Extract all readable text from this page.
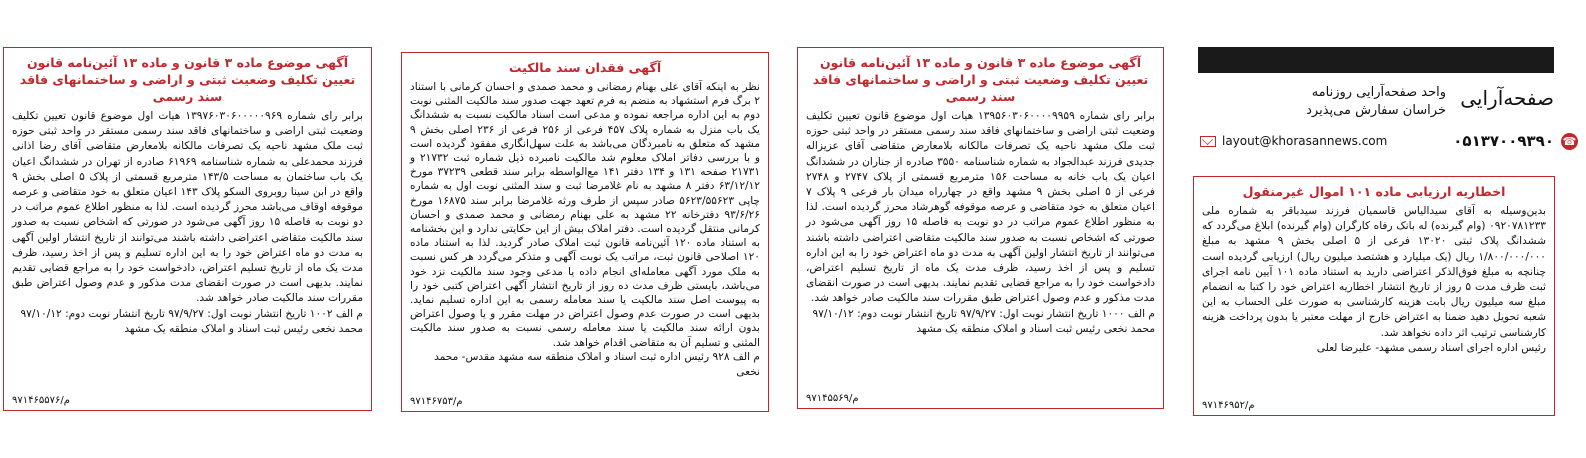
صفحه‌آرایی
واحد صفحه‌آرایی روزنامه خراسان سفارش می‌پذیرد
۰۵۱۳۷۰۰۹۳۹۰ ☎
layout@khorasannews.com
اخطاریه ارزیابی ماده ۱۰۱ اموال غیرمنقول
بدین‌وسیله به آقای سیدالیاس قاسمیان فرزند سیدباقر به شماره ملی ۰۹۲۰۷۸۱۲۳۳ (وام گیرنده) له بانک رفاه کارگران (وام گیرنده) ابلاغ می‌گردد که ششدانگ پلاک ثبتی ۱۳۰۲۰ فرعی از ۵ اصلی بخش ۹ مشهد به مبلغ ۱/۸۰۰/۰۰۰/۰۰۰ ریال (یک میلیارد و هشتصد میلیون ریال) ارزیابی گردیده است چنانچه به مبلغ فوق‌الذکر اعتراضی دارید به استناد ماده ۱۰۱ آیین نامه اجرای ثبت ظرف مدت ۵ روز از تاریخ انتشار اخطاریه اعتراض خود را کتبا به انضمام مبلغ سه میلیون ریال بابت هزینه کارشناسی به صورت علی الحساب به این شعبه تحویل دهید ضمنا به اعتراض خارج از مهلت معتبر یا بدون پرداخت هزینه کارشناسی ترتیب اثر داده نخواهد شد.
رئیس اداره اجرای اسناد رسمی مشهد- علیرضا لعلی
م/۹۷۱۴۶۹۵۲
آگهی موضوع ماده ۳ قانون و ماده ۱۳ آئین‌نامه قانون تعیین تکلیف وضعیت ثبتی و اراضی و ساختمانهای فاقد سند رسمی
برابر رای شماره ۱۳۹۵۶۰۳۰۶۰۰۰۰۹۹۵۹ هیات اول موضوع قانون تعیین تکلیف وضعیت ثبتی اراضی و ساختمانهای فاقد سند رسمی مستقر در واحد ثبتی حوزه ثبت ملک مشهد ناحیه یک تصرفات مالکانه بلامعارض متقاضی آقای عزیزاله جدیدی فرزند عبدالجواد به شماره شناسنامه ۳۵۵۰ صادره از جناران در ششدانگ اعیان یک باب خانه به مساحت ۱۵۶ مترمربع قسمتی از پلاک ۲۷۴۷ و ۲۷۴۸ فرعی از ۵ اصلی بخش ۹ مشهد واقع در چهارراه میدان بار فرعی ۹ پلاک ۷ اعیان متعلق به خود متقاضی و عرصه موقوفه گوهرشاد محرز گردیده است. لذا به منظور اطلاع عموم مراتب در دو نوبت به فاصله ۱۵ روز آگهی می‌شود در صورتی که اشخاص نسبت به صدور سند مالکیت متقاضی اعتراضی داشته باشند می‌توانند از تاریخ انتشار اولین آگهی به مدت دو ماه اعتراض خود را به این اداره تسلیم و پس از اخذ رسید، ظرف مدت یک ماه از تاریخ تسلیم اعتراض، دادخواست خود را به مراجع قضایی تقدیم نمایند. بدیهی است در صورت انقضای مدت مذکور و عدم وصول اعتراض طبق مقررات سند مالکیت صادر خواهد شد.
م الف ۱۰۰۰ تاریخ انتشار نوبت اول: ۹۷/۹/۲۷ تاریخ انتشار نوبت دوم: ۹۷/۱۰/۱۲
محمد نخعی رئیس ثبت اسناد و املاک منطقه یک مشهد
م/۹۷۱۴۵۵۶۹
آگهی فقدان سند مالکیت
نظر به اینکه آقای علی بهنام رمضانی و محمد صمدی و احسان کرمانی با استناد ۲ برگ فرم استشهاد به منضم به فرم تعهد جهت صدور سند مالکیت المثنی نوبت دوم به این اداره مراجعه نموده و مدعی است اسناد مالکیت نسبت به ششدانگ یک باب منزل به شماره پلاک ۴۵۷ فرعی از ۲۵۶ فرعی از ۲۳۶ اصلی بخش ۹ مشهد که متعلق به نامبردگان می‌باشد به علت سهل‌انگاری مفقود گردیده است و با بررسی دفاتر املاک معلوم شد مالکیت نامبرده ذیل شماره ثبت ۲۱۷۳۲ و ۲۱۷۳۱ صفحه ۱۳۱ و ۱۳۴ دفتر ۱۴۱ مع‌الواسطه برابر سند قطعی ۳۷۲۳۹ مورخ ۶۳/۱۲/۱۲ دفتر ۸ مشهد به نام غلامرضا ثبت و سند المثنی نوبت اول به شماره چاپی ۵۶۲۳/۵۵۶۲۳ صادر سپس از طرف ورثه غلامرضا برابر سند ۱۶۸۷۵ مورخ ۹۳/۶/۲۶ دفترخانه ۲۲ مشهد به علی بهنام رمضانی و محمد صمدی و احسان کرمانی منتقل گردیده است. دفتر املاک بیش از این حکایتی ندارد و این بخشنامه به استناد ماده ۱۲۰ آئین‌نامه قانون ثبت املاک صادر گردید. لذا به استناد ماده ۱۲۰ اصلاحی قانون ثبت، مراتب یک نوبت آگهی و متذکر می‌گردد هر کس نسبت به ملک مورد آگهی معامله‌ای انجام داده یا مدعی وجود سند مالکیت نزد خود می‌باشد، بایستی ظرف مدت ده روز از تاریخ انتشار آگهی اعتراض کتبی خود را به پیوست اصل سند مالکیت یا سند معامله رسمی به این اداره تسلیم نماید. بدیهی است در صورت عدم وصول اعتراض در مهلت مقرر و یا وصول اعتراض بدون ارائه سند مالکیت یا سند معامله رسمی نسبت به صدور سند مالکیت المثنی و تسلیم آن به متقاضی اقدام خواهد شد.
م الف ۹۲۸ رئیس اداره ثبت اسناد و املاک منطقه سه مشهد مقدس- محمد نخعی
م/۹۷۱۴۶۷۵۳
آگهی موضوع ماده ۳ قانون و ماده ۱۳ آئین‌نامه قانون تعیین تکلیف وضعیت ثبتی و اراضی و ساختمانهای فاقد سند رسمی
برابر رای شماره ۱۳۹۷۶۰۳۰۶۰۰۰۰۰۹۶۹ هیات اول موضوع قانون تعیین تکلیف وضعیت ثبتی اراضی و ساختمانهای فاقد سند رسمی مستقر در واحد ثبتی حوزه ثبت ملک مشهد ناحیه یک تصرفات مالکانه بلامعارض متقاضی آقای رضا اذانی فرزند محمدعلی به شماره شناسنامه ۶۱۹۶۹ صادره از تهران در ششدانگ اعیان یک باب ساختمان به مساحت ۱۴۳/۵ مترمربع قسمتی از پلاک ۵ اصلی بخش ۹ واقع در ابن سینا روبروی السکو پلاک ۱۴۳ اعیان متعلق به خود متقاضی و عرصه موقوفه اوقاف می‌باشد محرز گردیده است. لذا به منظور اطلاع عموم مراتب در دو نوبت به فاصله ۱۵ روز آگهی می‌شود در صورتی که اشخاص نسبت به صدور سند مالکیت متقاضی اعتراضی داشته باشند می‌توانند از تاریخ انتشار اولین آگهی به مدت دو ماه اعتراض خود را به این اداره تسلیم و پس از اخذ رسید، ظرف مدت یک ماه از تاریخ تسلیم اعتراض، دادخواست خود را به مراجع قضایی تقدیم نمایند. بدیهی است در صورت انقضای مدت مذکور و عدم وصول اعتراض طبق مقررات سند مالکیت صادر خواهد شد.
م الف ۱۰۰۲ تاریخ انتشار نوبت اول: ۹۷/۹/۲۷ تاریخ انتشار نوبت دوم: ۹۷/۱۰/۱۲
محمد نخعی رئیس ثبت اسناد و املاک منطقه یک مشهد
م/۹۷۱۴۶۵۵۷۶
